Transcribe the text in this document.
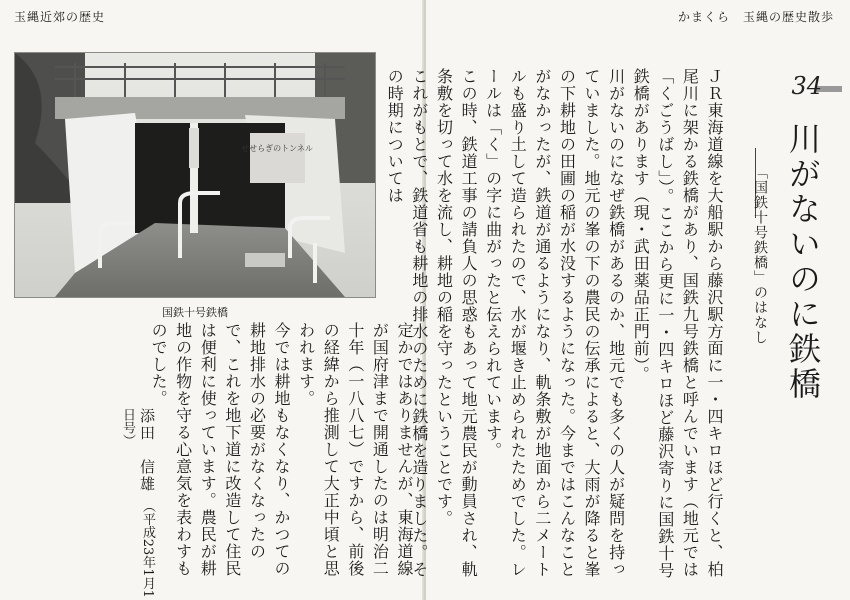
玉縄近郊の歴史
せせらぎのトンネル
国鉄十号鉄橋
定かではありませんが、東海道線が国府津まで開通したのは明治二十年（一八八七）ですから、前後の経緯から推測して大正中頃と思われます。
今では耕地もなくなり、かつての耕地排水の必要がなくなったので、これを地下道に改造して住民は便利に使っています。農民が耕地の作物を守る心意気を表わすものでした。
添田　信雄 （平成23年1月1日号）
かまくら　玉縄の歴史散歩
ＪＲ東海道線を大船駅から藤沢駅方面に一・四キロほど行くと、柏尾川に架かる鉄橋があり、国鉄九号鉄橋と呼んでいます（地元では「くごうばし」）。ここから更に一・四キロほど藤沢寄りに国鉄十号鉄橋があります（現・武田薬品正門前）。
川がないのになぜ鉄橋があるのか、地元でも多くの人が疑問を持っていました。地元の峯の下の農民の伝承によると、大雨が降ると峯の下耕地の田圃の稲が水没するようになった。今まではこんなことがなかったが、鉄道が通るようになり、軌条敷が地面から二メートルも盛り土して造られたので、水が堰き止められたためでした。レールは「く」の字に曲がったと伝えられています。
この時、鉄道工事の請負人の思惑もあって地元農民が動員され、軌条敷を切って水を流し、耕地の稲を守ったということです。
これがもとで、鉄道省も耕地の排水のために鉄橋を造りました。その時期については	34
川がないのに鉄橋
「国鉄十号鉄橋」のはなし
